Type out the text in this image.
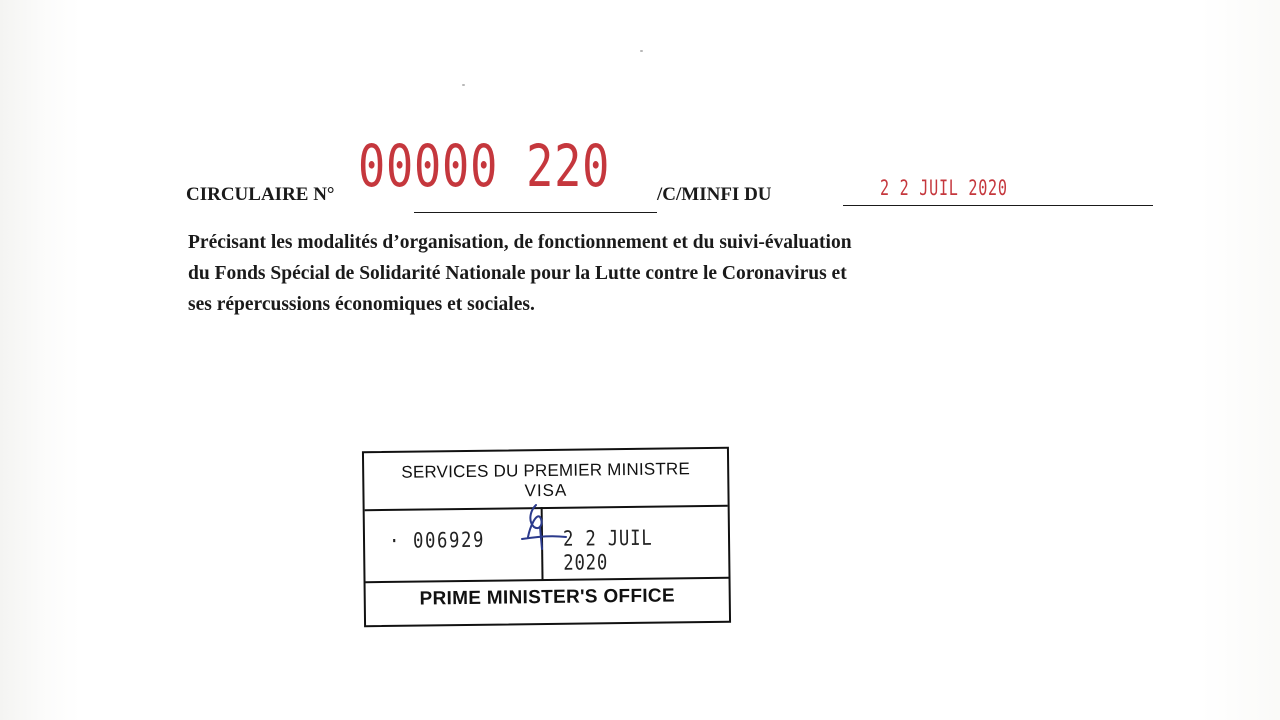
00000 220
CIRCULAIRE N°	/C/MINFI DU	2 2 JUIL 2020
Précisant les modalités d’organisation, de fonctionnement et du suivi-évaluation
du Fonds Spécial de Solidarité Nationale pour la Lutte contre le Coronavirus et
ses répercussions économiques et sociales.
SERVICES DU PREMIER MINISTRE
VISA
· 006929	2 2 JUIL 2020
PRIME MINISTER'S OFFICE
